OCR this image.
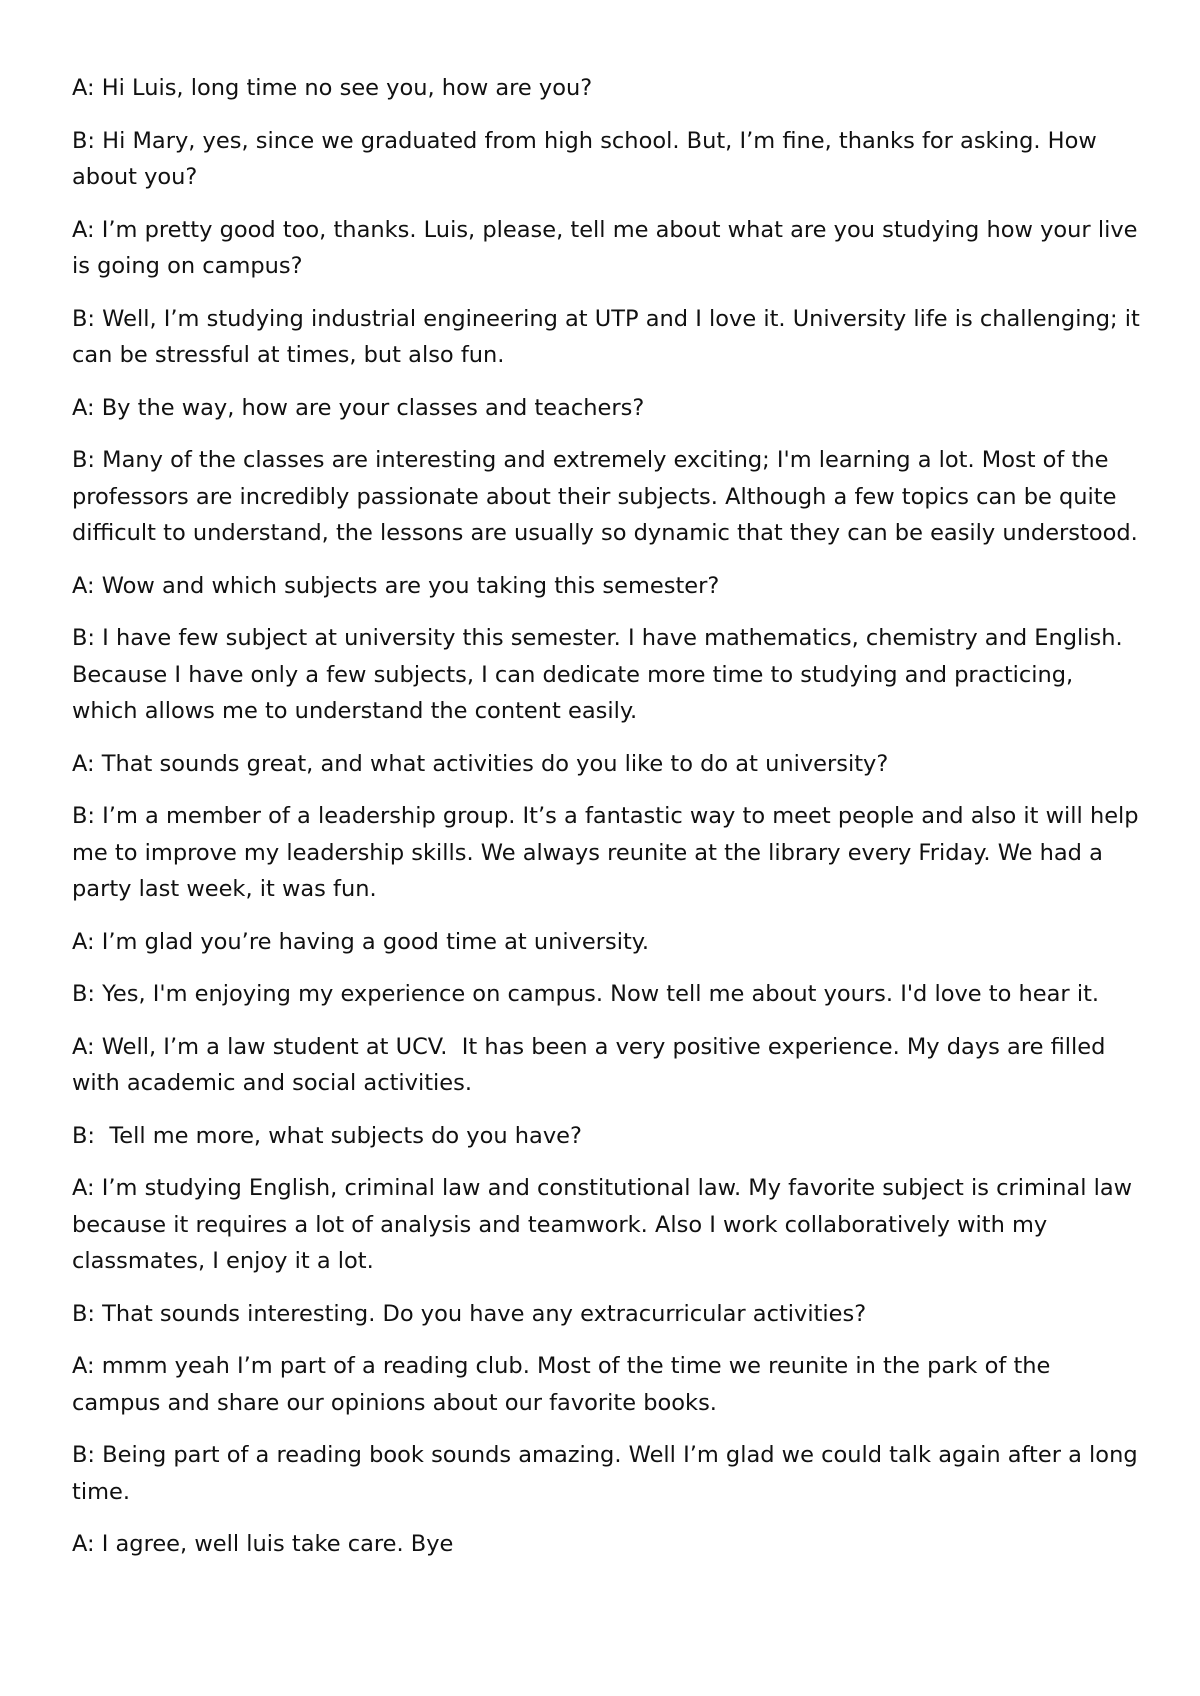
A: Hi Luis, long time no see you, how are you?

B: Hi Mary, yes, since we graduated from high school. But, I’m fine, thanks for asking. How about you?

A: I’m pretty good too, thanks. Luis, please, tell me about what are you studying how your live is going on campus?

B: Well, I’m studying industrial engineering at UTP and I love it. University life is challenging; it can be stressful at times, but also fun.

A: By the way, how are your classes and teachers?

B: Many of the classes are interesting and extremely exciting; I'm learning a lot. Most of the professors are incredibly passionate about their subjects. Although a few topics can be quite difficult to understand, the lessons are usually so dynamic that they can be easily understood.

A: Wow and which subjects are you taking this semester?

B: I have few subject at university this semester. I have mathematics, chemistry and English. Because I have only a few subjects, I can dedicate more time to studying and practicing, which allows me to understand the content easily.

A: That sounds great, and what activities do you like to do at university?

B: I’m a member of a leadership group. It’s a fantastic way to meet people and also it will help me to improve my leadership skills. We always reunite at the library every Friday. We had a party last week, it was fun.

A: I’m glad you’re having a good time at university.

B: Yes, I'm enjoying my experience on campus. Now tell me about yours. I'd love to hear it.

A: Well, I’m a law student at UCV.  It has been a very positive experience. My days are filled with academic and social activities.

B:  Tell me more, what subjects do you have?

A: I’m studying English, criminal law and constitutional law. My favorite subject is criminal law because it requires a lot of analysis and teamwork. Also I work collaboratively with my classmates, I enjoy it a lot.

B: That sounds interesting. Do you have any extracurricular activities?

A: mmm yeah I’m part of a reading club. Most of the time we reunite in the park of the campus and share our opinions about our favorite books.

B: Being part of a reading book sounds amazing. Well I’m glad we could talk again after a long time.

A: I agree, well luis take care. Bye
